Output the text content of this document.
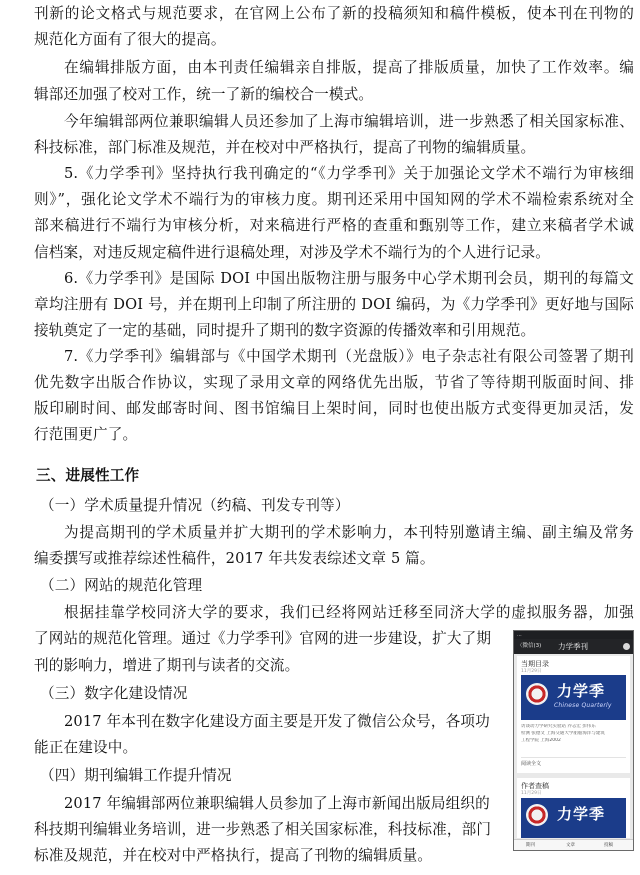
刊新的论文格式与规范要求，在官网上公布了新的投稿须知和稿件模板，使本刊在刊物的
规范化方面有了很大的提高。
在编辑排版方面，由本刊责任编辑亲自排版，提高了排版质量，加快了工作效率。编
辑部还加强了校对工作，统一了新的编校合一模式。
今年编辑部两位兼职编辑人员还参加了上海市编辑培训，进一步熟悉了相关国家标准、
科技标准，部门标准及规范，并在校对中严格执行，提高了刊物的编辑质量。
5.《力学季刊》坚持执行我刊确定的“《力学季刊》关于加强论文学术不端行为审核细
则》”，强化论文学术不端行为的审核力度。期刊还采用中国知网的学术不端检索系统对全
部来稿进行不端行为审核分析，对来稿进行严格的查重和甄别等工作，建立来稿者学术诚
信档案，对违反规定稿件进行退稿处理，对涉及学术不端行为的个人进行记录。
6.《力学季刊》是国际 DOI 中国出版物注册与服务中心学术期刊会员，期刊的每篇文
章均注册有 DOI 号，并在期刊上印制了所注册的 DOI 编码，为《力学季刊》更好地与国际
接轨奠定了一定的基础，同时提升了期刊的数字资源的传播效率和引用规范。
7.《力学季刊》编辑部与《中国学术期刊（光盘版）》电子杂志社有限公司签署了期刊
优先数字出版合作协议，实现了录用文章的网络优先出版，节省了等待期刊版面时间、排
版印刷时间、邮发邮寄时间、图书馆编目上架时间，同时也使出版方式变得更加灵活，发
行范围更广了。
三、进展性工作
（一）学术质量提升情况（约稿、刊发专刊等）
为提高期刊的学术质量并扩大期刊的学术影响力，本刊特别邀请主编、副主编及常务
编委撰写或推荐综述性稿件，2017 年共发表综述文章 5 篇。
（二）网站的规范化管理
根据挂靠学校同济大学的要求，我们已经将网站迁移至同济大学的虚拟服务器，加强
了网站的规范化管理。通过《力学季刊》官网的进一步建设，扩大了期
刊的影响力，增进了期刊与读者的交流。
（三）数字化建设情况
2017 年本刊在数字化建设方面主要是开发了微信公众号，各项功
能正在建设中。
（四）期刊编辑工作提升情况
2017 年编辑部两位兼职编辑人员参加了上海市新闻出版局组织的
科技期刊编辑业务培训，进一步熟悉了相关国家标准，科技标准，部门
标准及规范，并在校对中严格执行，提高了刊物的编辑质量。
...
〈微信(3) 力学季刊
当期目录
11月29日
力学季
Chinese Quarterly
访谈动力学研究实验站 乔志宏 彭伟东
检测 张德文 上海交通大学船舶海洋与建筑
工程学院 上海2002
阅读全文
作者查稿
11月29日
力学季
期刊	文章	投稿
